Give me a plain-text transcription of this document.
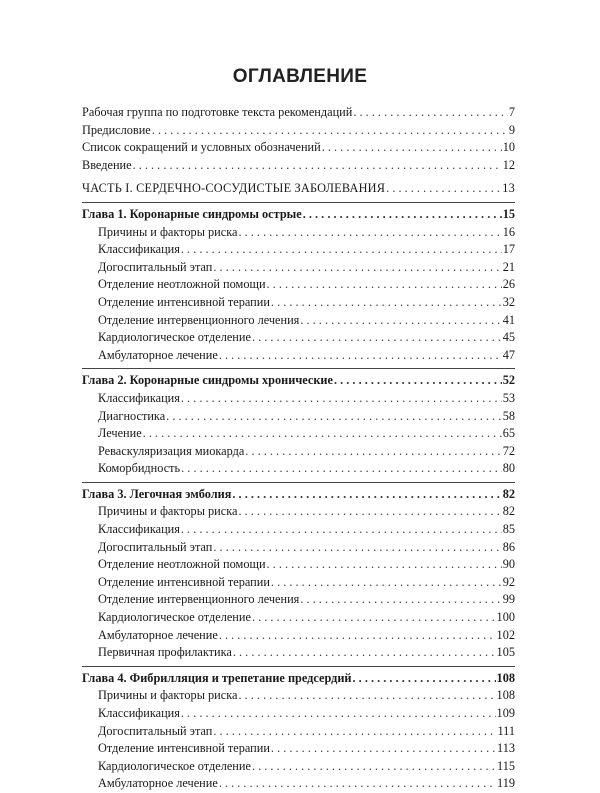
ОГЛАВЛЕНИЕ
Рабочая группа по подготовке текста рекомендаций . . .	7
Предисловие . . .	9
Список сокращений и условных обозначений . . .	10
Введение . . .	12
ЧАСТЬ I. СЕРДЕЧНО-СОСУДИСТЫЕ ЗАБОЛЕВАНИЯ . . .	13
Глава 1. Коронарные синдромы острые . . .	15
Причины и факторы риска . . .	16
Классификация . . .	17
Догоспитальный этап . . .	21
Отделение неотложной помощи . . .	26
Отделение интенсивной терапии . . .	32
Отделение интервенционного лечения . . .	41
Кардиологическое отделение . . .	45
Амбулаторное лечение . . .	47
Глава 2. Коронарные синдромы хронические . . .	52
Классификация . . .	53
Диагностика . . .	58
Лечение . . .	65
Реваскуляризация миокарда . . .	72
Коморбидность . . .	80
Глава 3. Легочная эмболия . . .	82
Причины и факторы риска . . .	82
Классификация . . .	85
Догоспитальный этап . . .	86
Отделение неотложной помощи . . .	90
Отделение интенсивной терапии . . .	92
Отделение интервенционного лечения . . .	99
Кардиологическое отделение . . .	100
Амбулаторное лечение . . .	102
Первичная профилактика . . .	105
Глава 4. Фибрилляция и трепетание предсердий . . .	108
Причины и факторы риска . . .	108
Классификация . . .	109
Догоспитальный этап . . .	111
Отделение интенсивной терапии . . .	113
Кардиологическое отделение . . .	115
Амбулаторное лечение . . .	119
